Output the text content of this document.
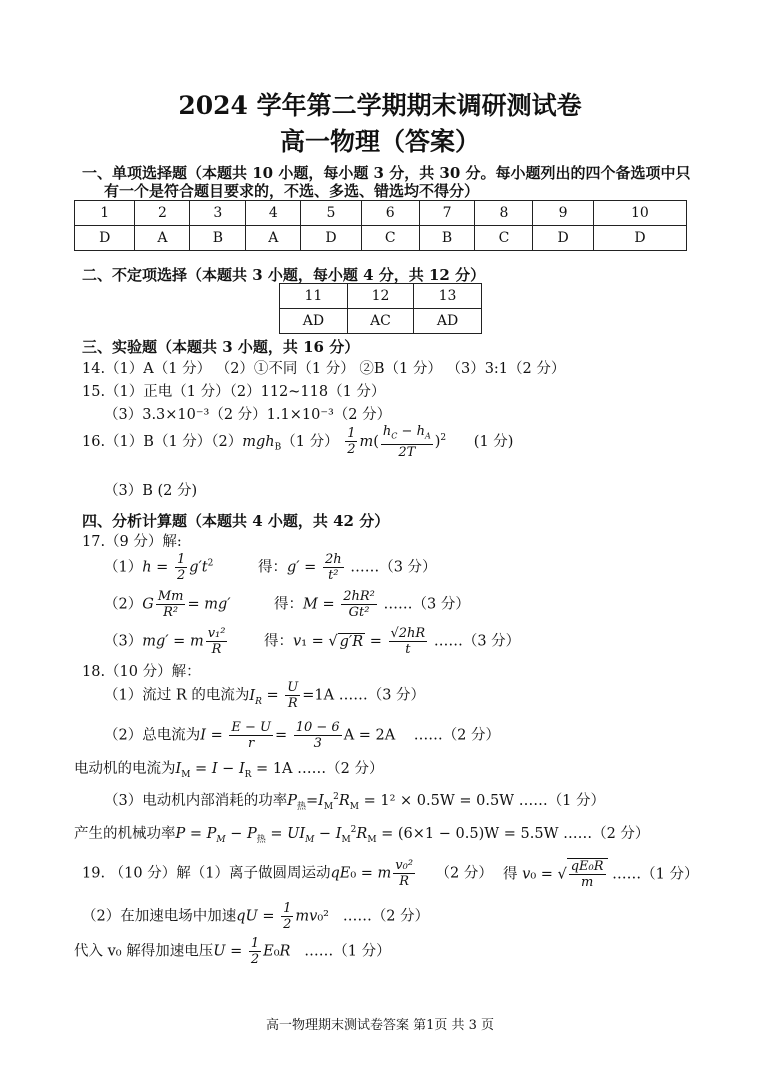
2024 学年第二学期期末调研测试卷
高一物理（答案）
一、单项选择题（本题共 10 小题，每小题 3 分，共 30 分。每小题列出的四个备选项中只
有一个是符合题目要求的，不选、多选、错选均不得分）
1	2	3	4	5	6	7	8	9	10
D	A	B	A	D	C	B	C	D	D
二、不定项选择（本题共 3 小题，每小题 4 分，共 12 分）
11	12	13
AD	AC	AD
三、实验题（本题共 3 小题，共 16 分）
14.（1）A（1 分） （2）①不同（1 分） ②B（1 分） （3）3:1（2 分）
15.（1）正电（1 分）（2）112~118（1 分）
（3）3.3×10⁻³（2 分）1.1×10⁻³（2 分）
16.（1）B（1 分）（2）mgh$_B$（1 分） $\frac{1}{2} m( \frac{h_C - h_A}{2T} )^2$ (1 分)
（3）B (2 分)
四、分析计算题（本题共 4 小题，共 42 分）
17.（9 分）解:
$(1)h = \frac{1}{2} g't^2$	得：$g' = \frac{2h}{\text{t²}}$ ……（3 分）
$(2)G \frac{Mm}{\text{R²}} = mg'$	得：$M = \frac{\text{2hR²}}{\text{Gt²}}$ ……（3 分）
（3）mg′ = m $\frac{\text{v₁²}}{R}$	得：v₁ = √ $g'R = \frac{√2hR}{t}$ ……（3 分）
18.（10 分）解：
（1）流过 R 的电流为$I_R = \frac{U}{R} =1A$ ……（3 分）
（2）总电流为$I = \frac{E - U}{r} = \frac{10 - 6}{3}$ A = 2A    ……（2 分）
电动机的电流为$I_M = I - I_R = 1A$ ……（2 分）
（3）电动机内部消耗的功率$P_热=I_M^2R_M = 1^2 \times 0.5W = 0.5W$ ……（1 分）
产生的机械功率$P = P_M - P_热 = UI_M - I_M^2R_M = (6\times 1 - 0.5)W = 5.5W$ ……（2 分）
19. （10 分）解（1）离子做圆周运动qE₀ = m $\frac{\text{v₀²}}{R} (2$ 分） 得 v₀ = √ $\frac{\text{qE₀R}}{m}$ ……（1 分）
（2）在加速电场中加速qU = $\frac{1}{2} mv_0^2$   ……（2 分）
代入 v₀ 解得加速电压$U = \frac{1}{2} E_0R$ ……（1 分）
高一物理期末测试卷答案 第1页 共 3 页
